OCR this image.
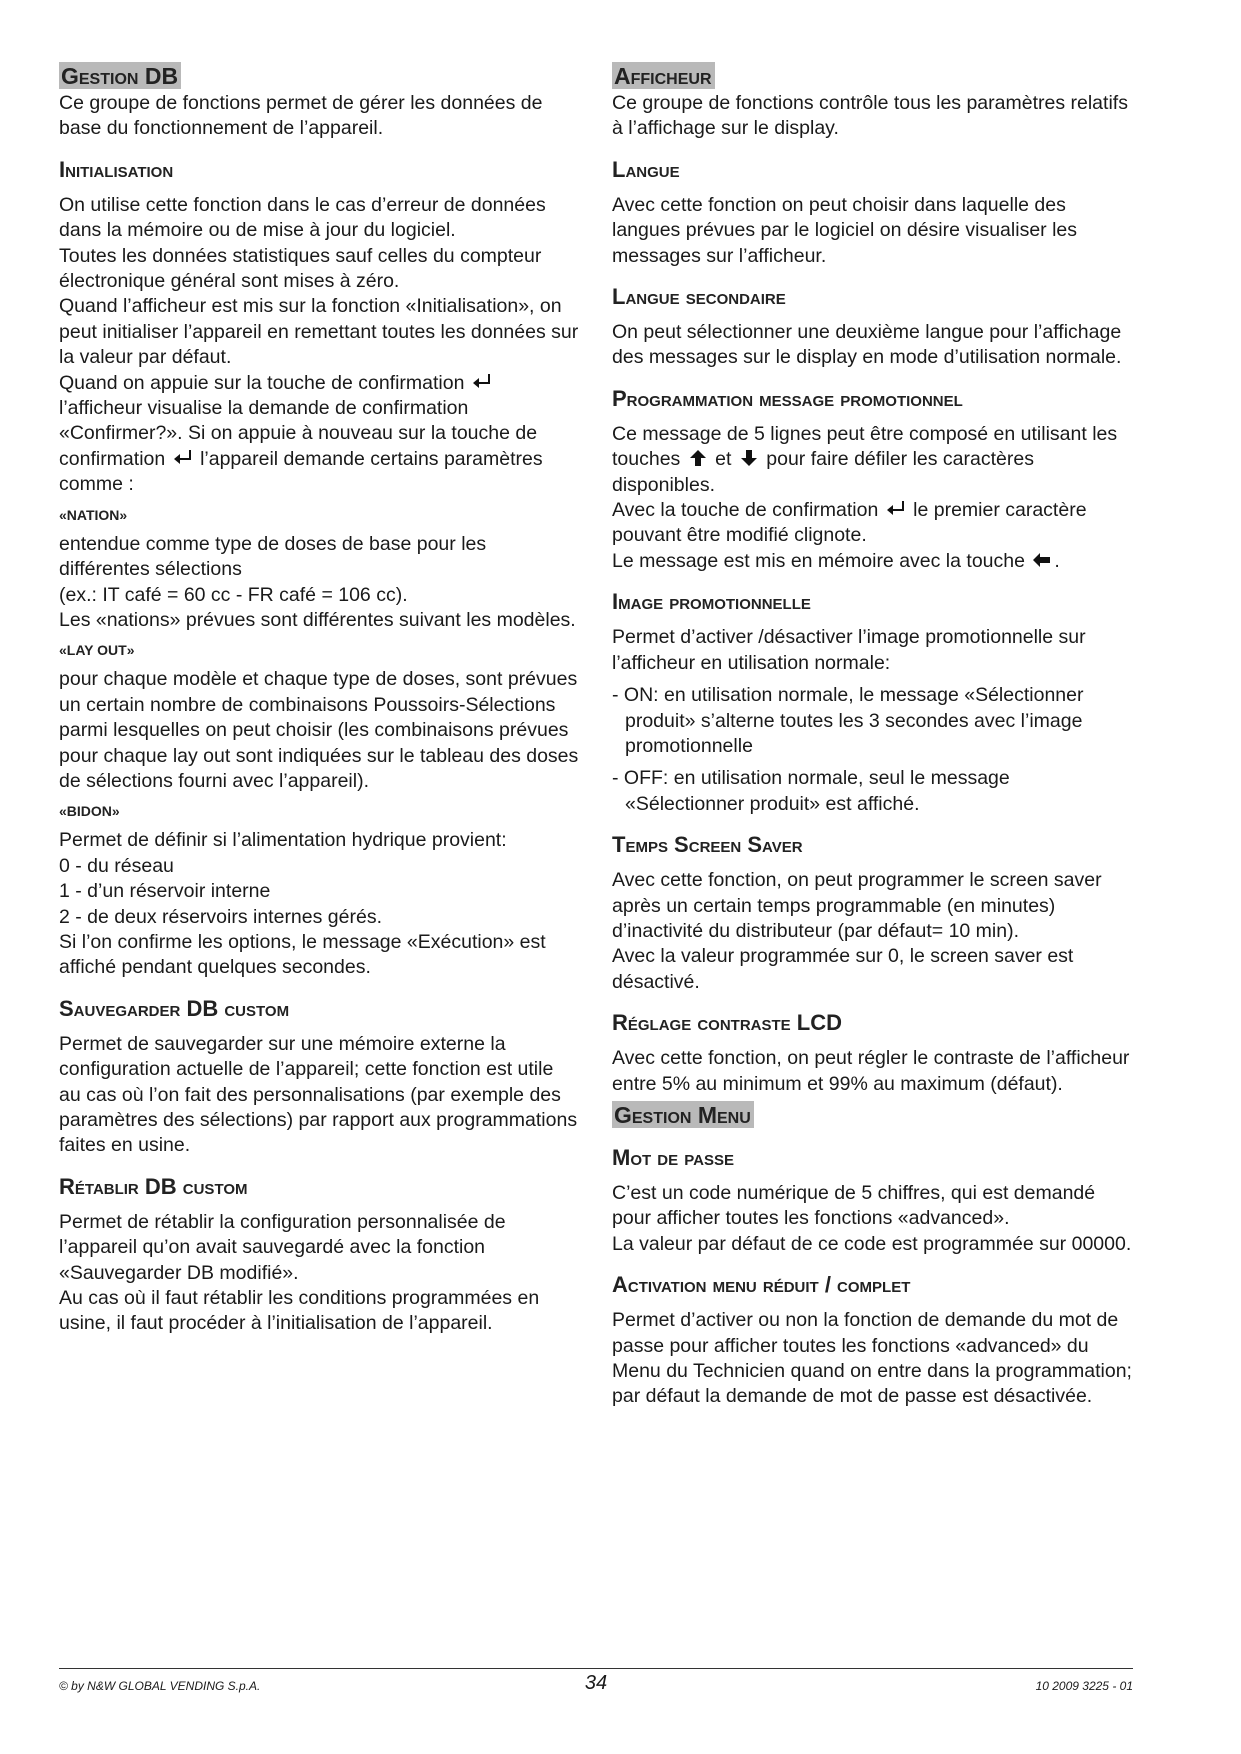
Gestion DB

Ce groupe de fonctions permet de gérer les données de base du fonctionnement de l’appareil.

Initialisation

On utilise cette fonction dans le cas d’erreur de données dans la mémoire ou de mise à jour du logiciel.

Toutes les données statistiques sauf celles du compteur électronique général sont mises à zéro.

Quand l’afficheur est mis sur la fonction «Initialisation», on peut initialiser l’appareil en remettant toutes les données sur la valeur par défaut.

Quand on appuie sur la touche de confirmation  l’afficheur visualise la demande de confirmation «Confirmer?». Si on appuie à nouveau sur la touche de confirmation l’appareil demande certains paramètres comme :

«NATION»

entendue comme type de doses de base pour les différentes sélections

(ex.: IT café = 60 cc - FR café = 106 cc).

Les «nations» prévues sont différentes suivant les modèles.

«LAY OUT»

pour chaque modèle et chaque type de doses, sont prévues un certain nombre de combinaisons Poussoirs-Sélections parmi lesquelles on peut choisir (les combinaisons prévues pour chaque lay out sont indiquées sur le tableau des doses de sélections fourni avec l’appareil).

«BIDON»

Permet de définir si l’alimentation hydrique provient:

0 - du réseau

1 - d’un réservoir interne

2 - de deux réservoirs internes gérés.

Si l’on confirme les options, le message «Exécution» est affiché pendant quelques secondes.

Sauvegarder DB custom

Permet de sauvegarder sur une mémoire externe la configuration actuelle de l’appareil; cette fonction est utile au cas où l’on fait des personnalisations (par exemple des paramètres des sélections) par rapport aux programmations faites en usine.

Rétablir DB custom

Permet de rétablir la configuration personnalisée de l’appareil qu’on avait sauvegardé avec la fonction «Sauvegarder DB modifié».

Au cas où il faut rétablir les conditions programmées en usine, il faut procéder à l’initialisation de l’appareil.

Afficheur

Ce groupe de fonctions contrôle tous les paramètres relatifs à l’affichage sur le display.

Langue

Avec cette fonction on peut choisir dans laquelle des langues prévues par le logiciel on désire visualiser les messages sur l’afficheur.

Langue secondaire

On peut sélectionner une deuxième langue pour l’affichage des messages sur le display en mode d’utilisation normale.

Programmation message promotionnel

Ce message de 5 lignes peut être composé en utilisant les touches et pour faire défiler les caractères disponibles.

Avec la touche de confirmation le premier caractère pouvant être modifié clignote.

Le message est mis en mémoire avec la touche .

Image promotionnelle

Permet d’activer /désactiver l’image promotionnelle sur l’afficheur en utilisation normale:

- ON: en utilisation normale, le message «Sélectionner produit» s’alterne toutes les 3 secondes avec l’image promotionnelle

- OFF: en utilisation normale, seul le message «Sélectionner produit» est affiché.

Temps Screen Saver

Avec cette fonction, on peut programmer le screen saver après un certain temps programmable (en minutes) d’inactivité du distributeur (par défaut= 10 min).

Avec la valeur programmée sur 0, le screen saver est désactivé.

Réglage contraste LCD

Avec cette fonction, on peut régler le contraste de l’afficheur entre 5% au minimum et 99% au maximum (défaut).

Gestion Menu
Mot de passe

C’est un code numérique de 5 chiffres, qui est demandé pour afficher toutes les fonctions «advanced».

La valeur par défaut de ce code est programmée sur 00000.

Activation menu réduit / complet

Permet d’activer ou non la fonction de demande du mot de passe pour afficher toutes les fonctions «advanced» du Menu du Technicien quand on entre dans la programmation; par défaut la demande de mot de passe est désactivée.

© by N&W GLOBAL VENDING S.p.A.	34	10 2009 3225 - 01
